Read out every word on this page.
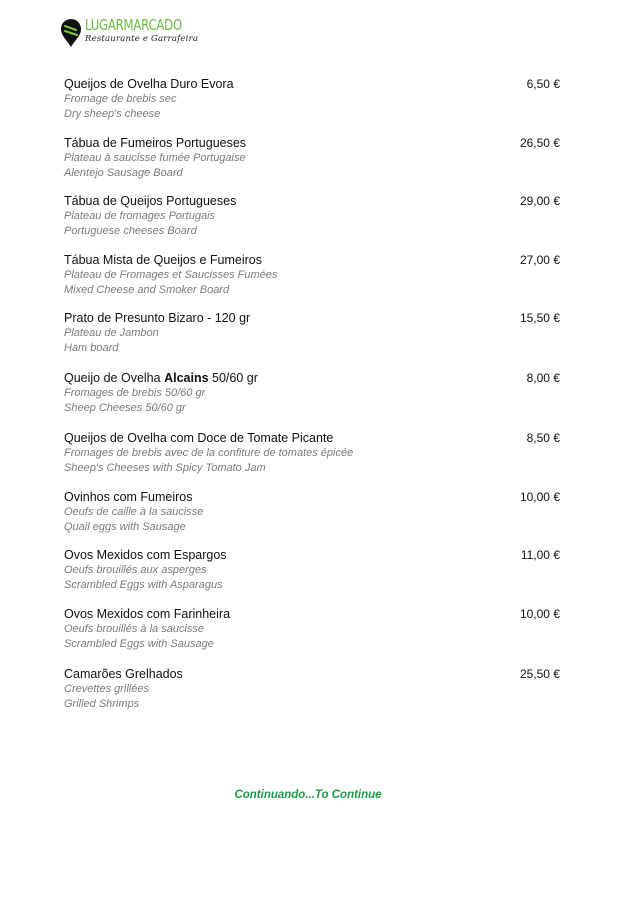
LUGARMARCADO
Restaurante e Garrafeira
Queijos de Ovelha Duro Evora
Fromage de brebis sec
Dry sheep's cheese
6,50 €
Tábua de Fumeiros Portugueses
Plateau à saucisse fumée Portugaise
Alentejo Sausage Board
26,50 €
Tábua de Queijos Portugueses
Plateau de fromages Portugais
Portuguese cheeses Board
29,00 €
Tábua Mista de Queijos e Fumeiros
Plateau de Fromages et Saucisses Fumées
Mixed Cheese and Smoker Board
27,00 €
Prato de Presunto Bizaro - 120 gr
Plateau de Jambon
Ham board
15,50 €
Queijo de Ovelha Alcains 50/60 gr
Fromages de brebis 50/60 gr
Sheep Cheeses 50/60 gr
8,00 €
Queijos de Ovelha com Doce de Tomate Picante
Fromages de brebis avec de la confiture de tomates épicée
Sheep's Cheeses with Spicy Tomato Jam
8,50 €
Ovinhos com Fumeiros
Oeufs de caille à la saucisse
Quail eggs with Sausage
10,00 €
Ovos Mexidos com Espargos
Oeufs brouillés aux asperges
Scrambled Eggs with Asparagus
11,00 €
Ovos Mexidos com Farinheira
Oeufs brouillés à la saucisse
Scrambled Eggs with Sausage
10,00 €
Camarões Grelhados
Crevettes grillées
Grilled Shrimps
25,50 €
Continuando...To Continue
